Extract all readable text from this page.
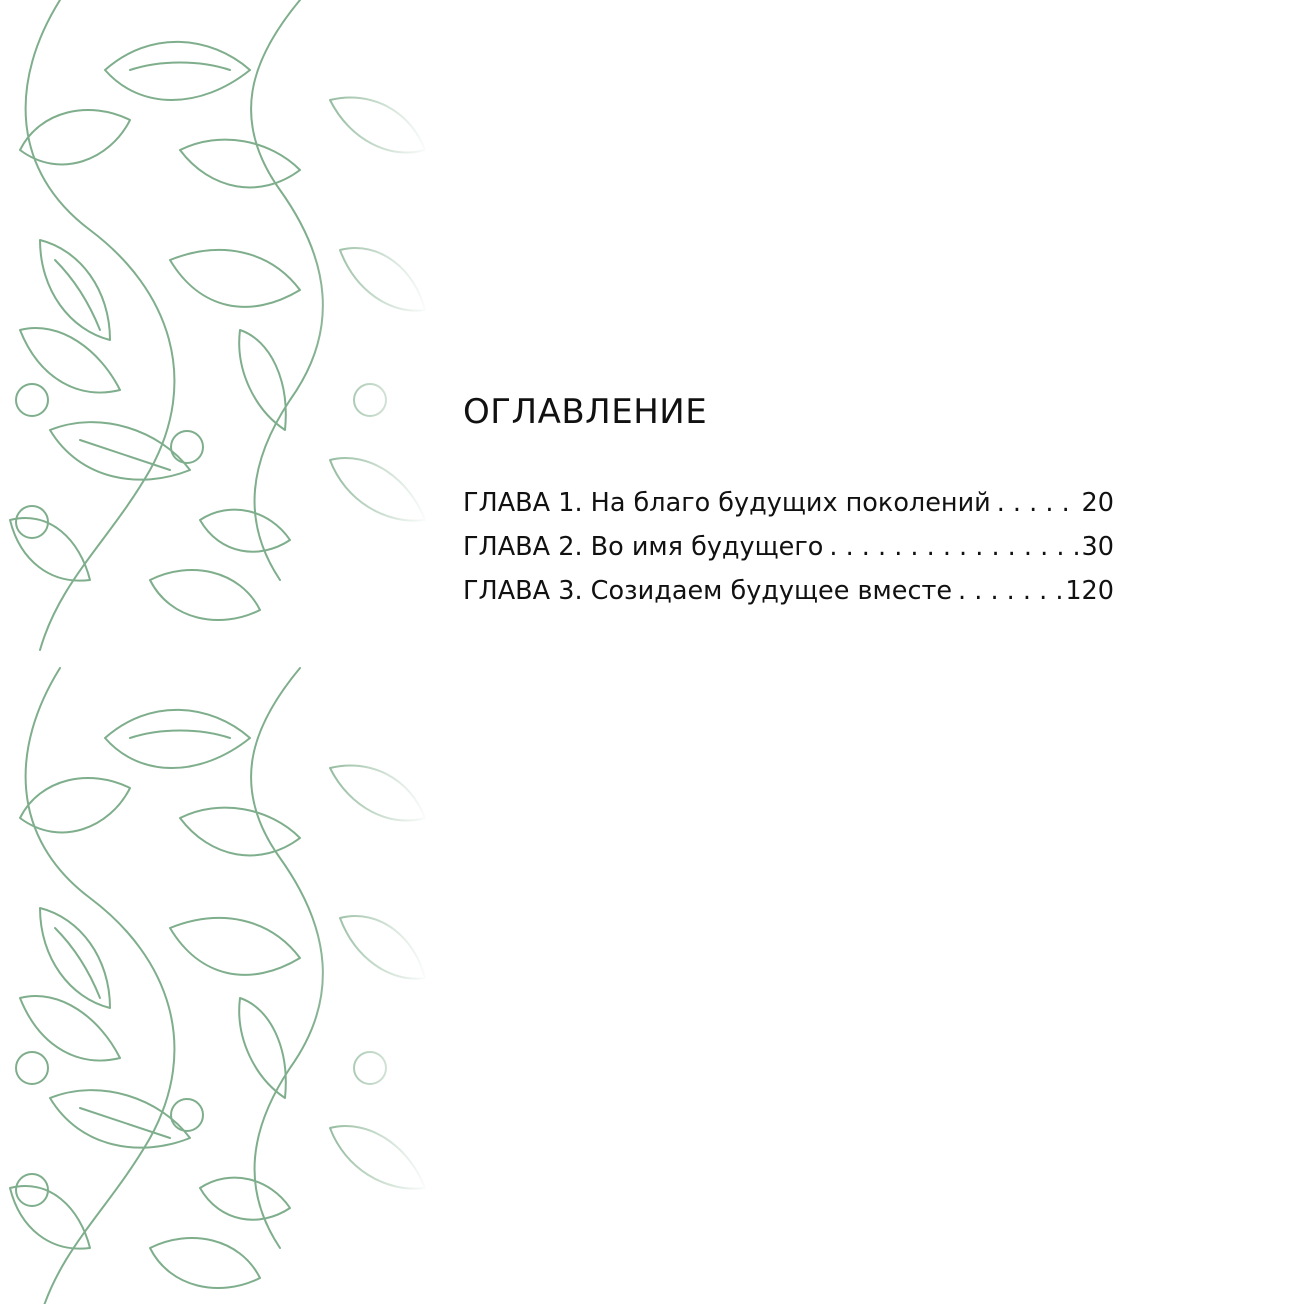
ОГЛАВЛЕНИЕ
ГЛАВА 1. На благо будущих поколений . . .	20
ГЛАВА 2. Во имя будущего . . .	30
ГЛАВА 3. Созидаем будущее вместе . . .	120
